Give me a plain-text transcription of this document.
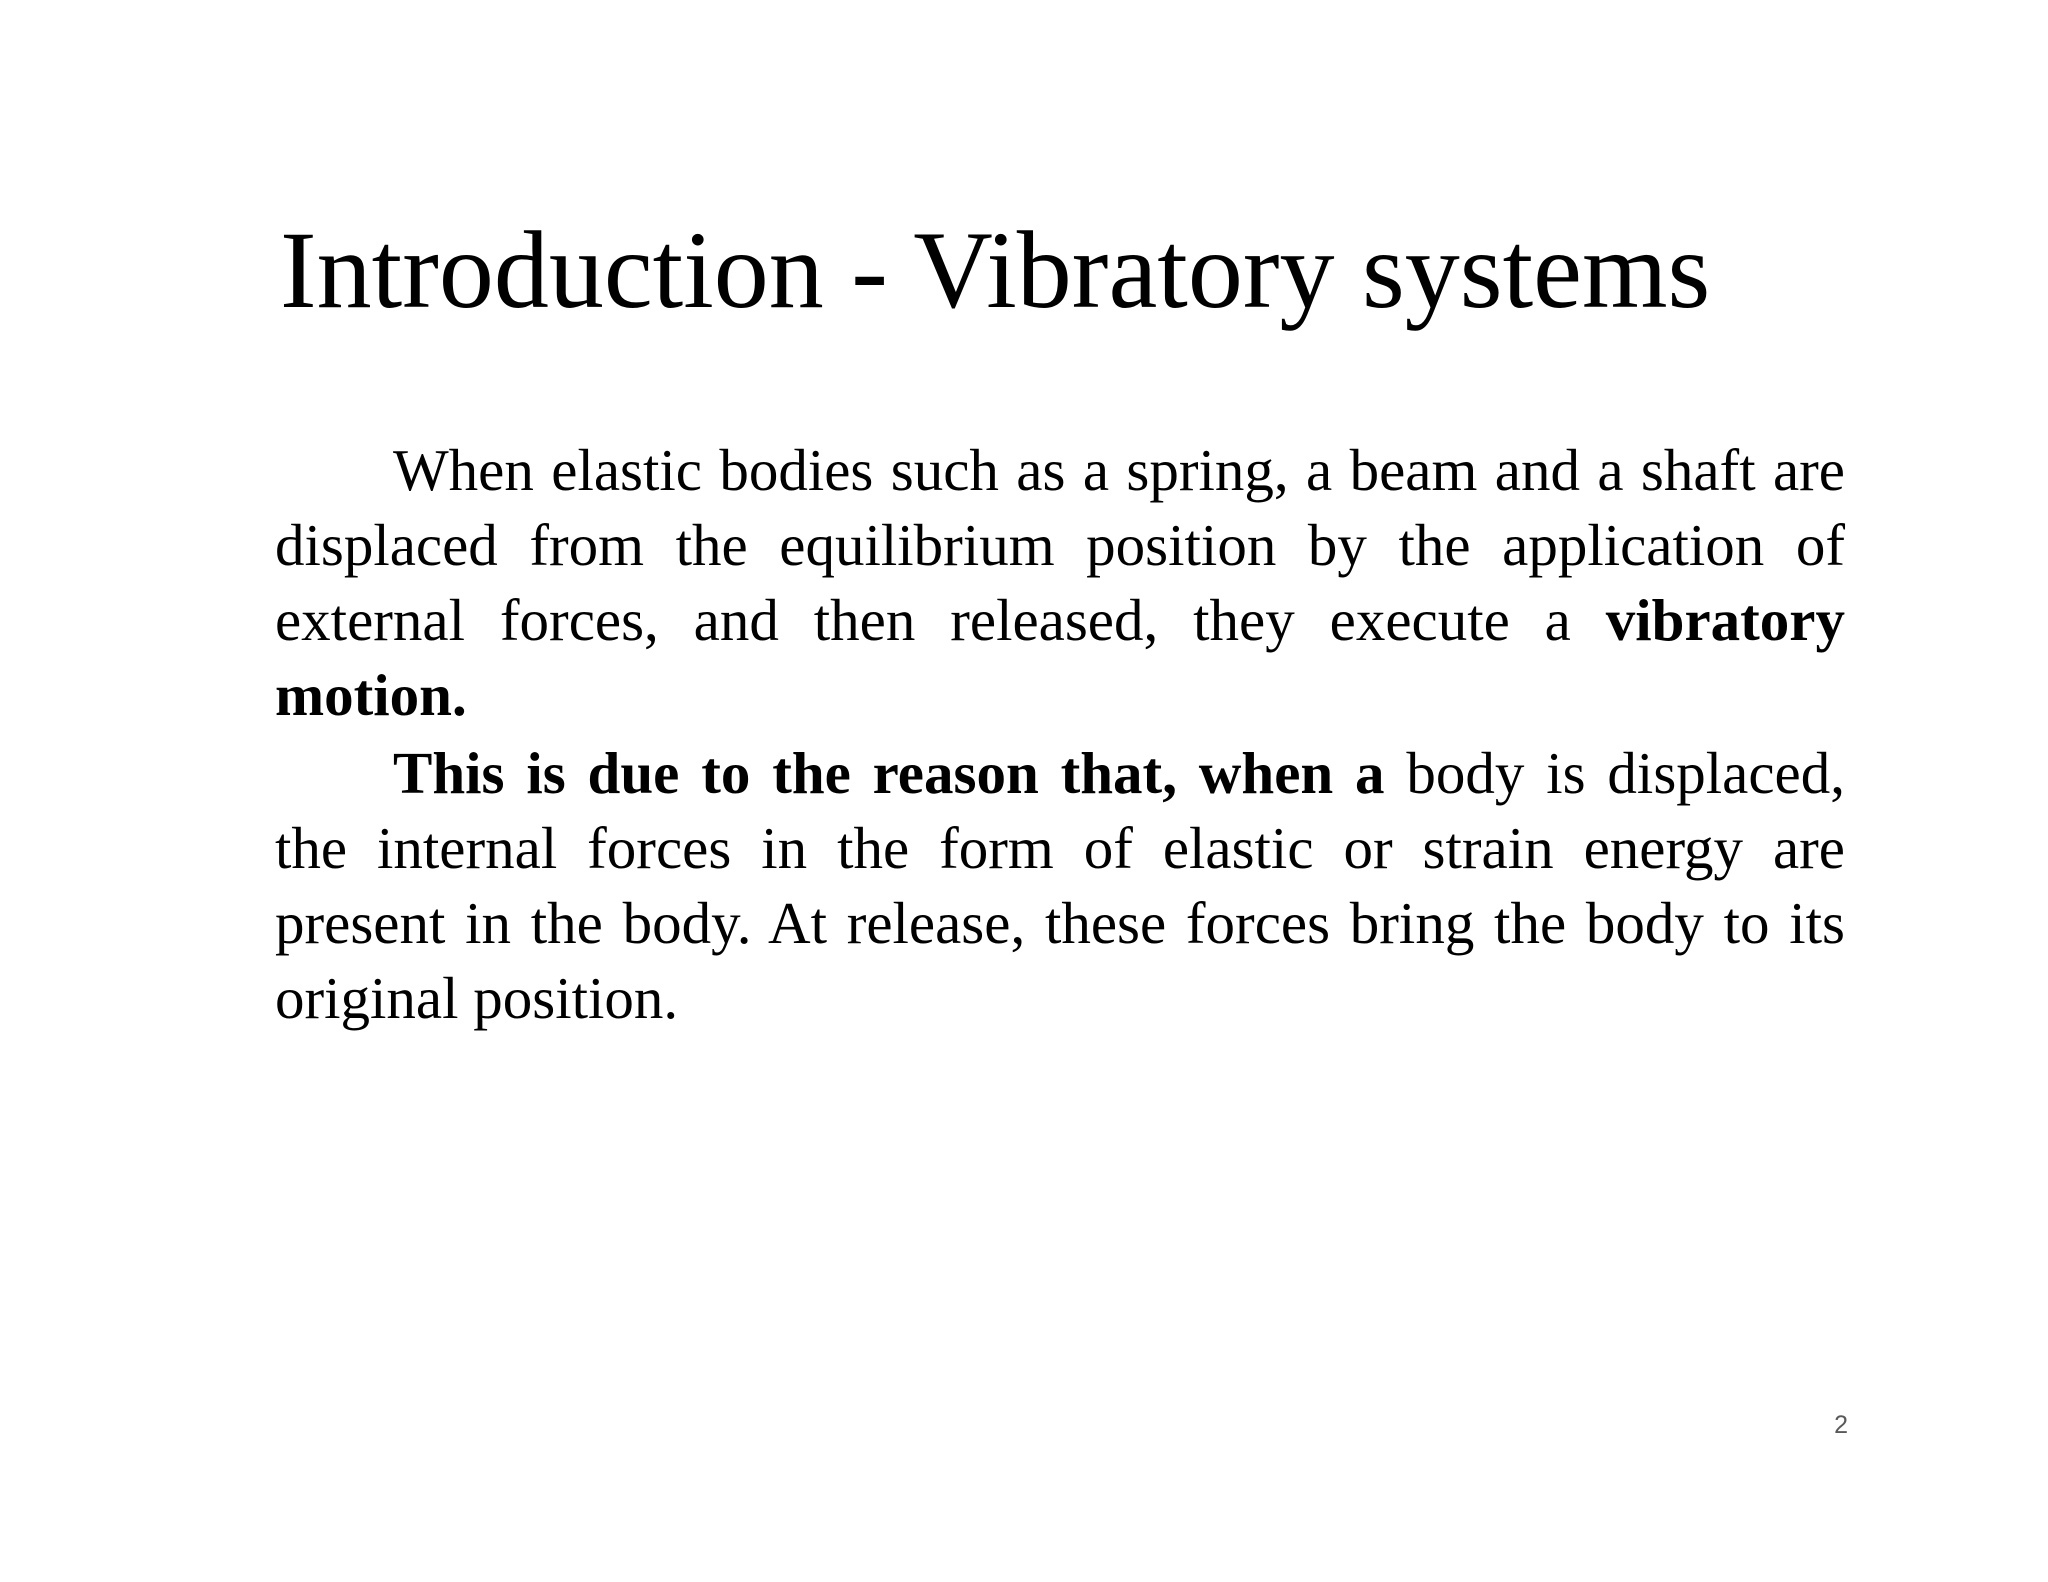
Introduction - Vibratory systems

When elastic bodies such as a spring, a beam and a shaft are displaced from the equilibrium position by the application of external forces, and then released, they execute a vibratory motion.

This is due to the reason that, when a body is displaced, the internal forces in the form of elastic or strain energy are present in the body. At release, these forces bring the body to its original position.

2
